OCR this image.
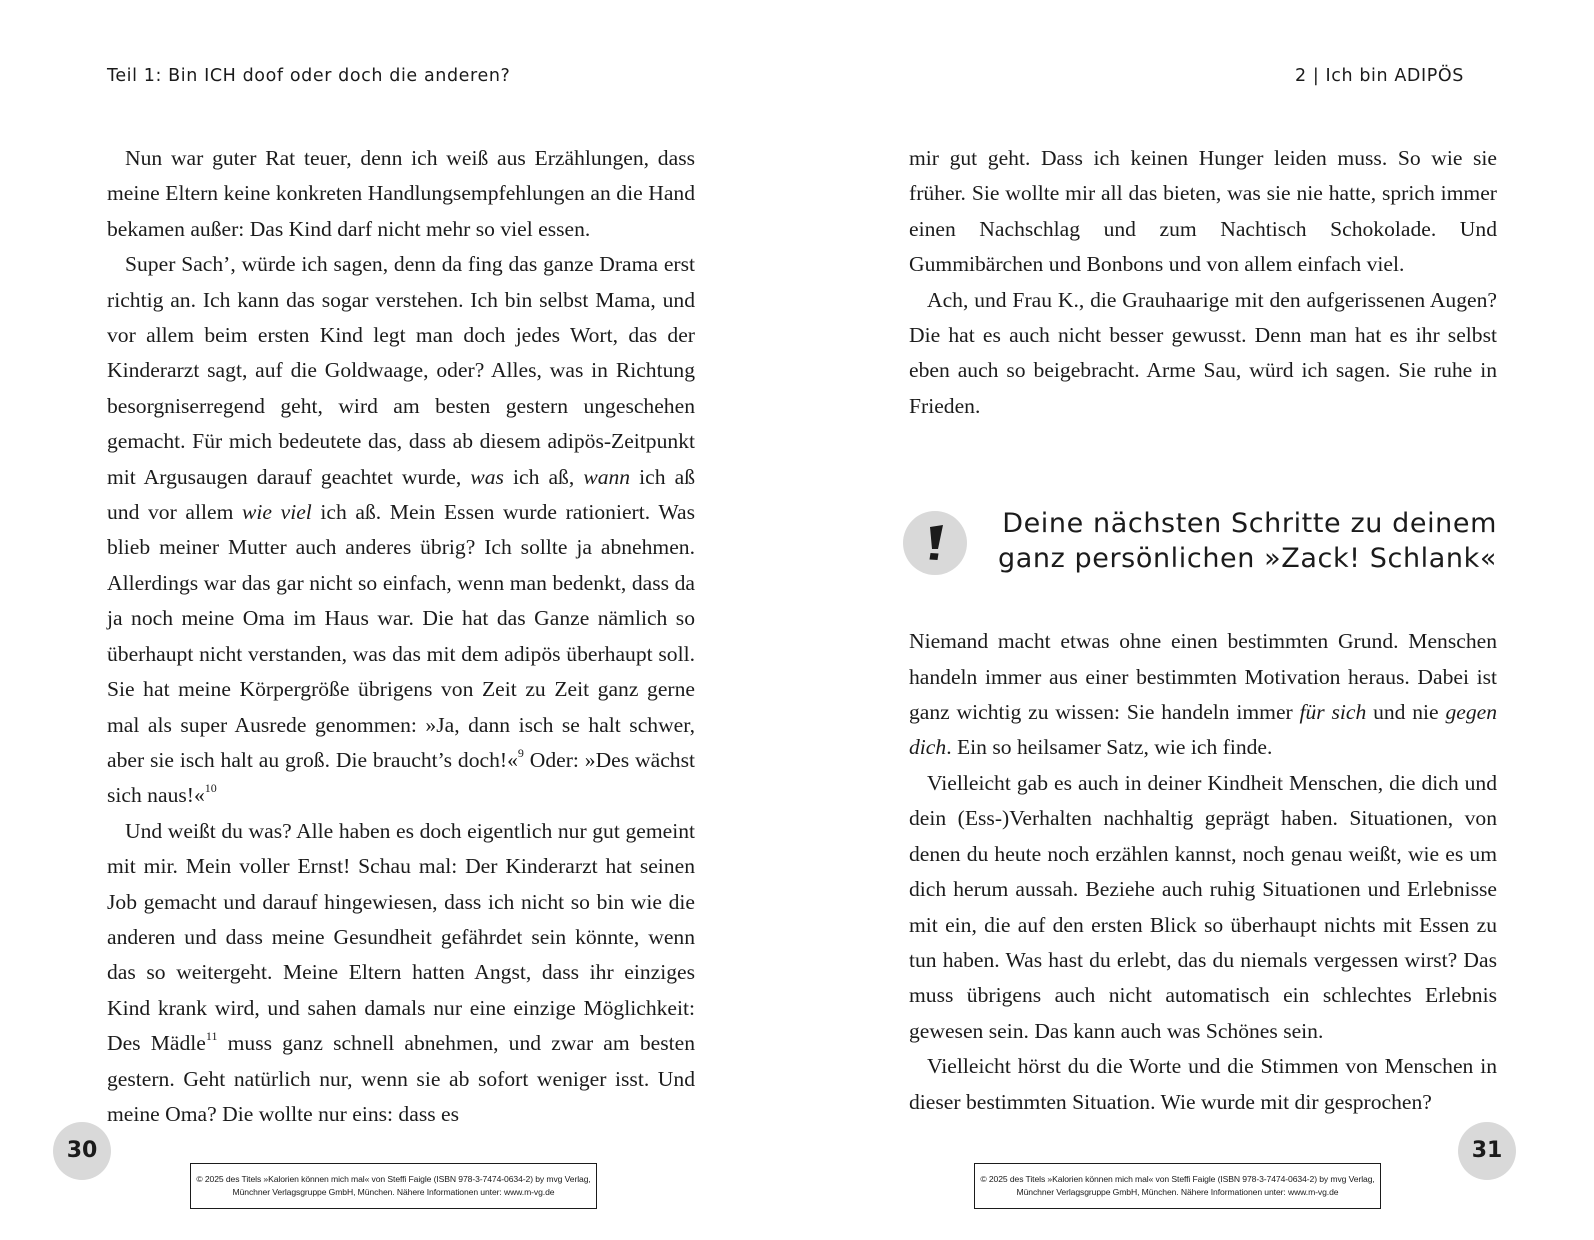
Teil 1: Bin ICH doof oder doch die anderen?

Nun war guter Rat teuer, denn ich weiß aus Erzählungen, dass meine Eltern keine konkreten Handlungsempfehlungen an die Hand bekamen außer: Das Kind darf nicht mehr so viel essen.

Super Sach’, würde ich sagen, denn da fing das ganze Drama erst richtig an. Ich kann das sogar verstehen. Ich bin selbst Mama, und vor allem beim ersten Kind legt man doch jedes Wort, das der Kinderarzt sagt, auf die Goldwaage, oder? Alles, was in Richtung besorgniserregend geht, wird am besten gestern ungeschehen gemacht. Für mich bedeutete das, dass ab diesem adipös-Zeitpunkt mit Argusaugen darauf geachtet wurde, was ich aß, wann ich aß und vor allem wie viel ich aß. Mein Essen wurde rationiert. Was blieb meiner Mutter auch anderes übrig? Ich sollte ja abnehmen. Allerdings war das gar nicht so einfach, wenn man bedenkt, dass da ja noch meine Oma im Haus war. Die hat das Ganze nämlich so überhaupt nicht verstanden, was das mit dem adipös überhaupt soll. Sie hat meine Körpergröße übrigens von Zeit zu Zeit ganz gerne mal als super Ausrede genommen: »Ja, dann isch se halt schwer, aber sie isch halt au groß. Die braucht’s doch!«$^9$ Oder: »Des wächst sich naus!«$^{10}$

Und weißt du was? Alle haben es doch eigentlich nur gut gemeint mit mir. Mein voller Ernst! Schau mal: Der Kinderarzt hat seinen Job gemacht und darauf hingewiesen, dass ich nicht so bin wie die anderen und dass meine Gesundheit gefährdet sein könnte, wenn das so weitergeht. Meine Eltern hatten Angst, dass ihr einziges Kind krank wird, und sahen damals nur eine einzige Möglichkeit: Des Mädle$^{11}$ muss ganz schnell abnehmen, und zwar am besten gestern. Geht natürlich nur, wenn sie ab sofort weniger isst. Und meine Oma? Die wollte nur eins: dass es

30
© 2025 des Titels »Kalorien können mich mal« von Steffi Faigle (ISBN 978-3-7474-0634-2) by mvg Verlag,
Münchner Verlagsgruppe GmbH, München. Nähere Informationen unter: www.m-vg.de
2 | Ich bin ADIPÖS

mir gut geht. Dass ich keinen Hunger leiden muss. So wie sie früher. Sie wollte mir all das bieten, was sie nie hatte, sprich immer einen Nachschlag und zum Nachtisch Schokolade. Und Gummibärchen und Bonbons und von allem einfach viel.

Ach, und Frau K., die Grauhaarige mit den aufgerissenen Augen? Die hat es auch nicht besser gewusst. Denn man hat es ihr selbst eben auch so beigebracht. Arme Sau, würd ich sagen. Sie ruhe in Frieden.

Deine nächsten Schritte zu deinem
ganz persönlichen »Zack! Schlank«

Niemand macht etwas ohne einen bestimmten Grund. Menschen handeln immer aus einer bestimmten Motivation heraus. Dabei ist ganz wichtig zu wissen: Sie handeln immer für sich und nie gegen dich. Ein so heilsamer Satz, wie ich finde.

Vielleicht gab es auch in deiner Kindheit Menschen, die dich und dein (Ess-)Verhalten nachhaltig geprägt haben. Situationen, von denen du heute noch erzählen kannst, noch genau weißt, wie es um dich herum aussah. Beziehe auch ruhig Situationen und Erlebnisse mit ein, die auf den ersten Blick so überhaupt nichts mit Essen zu tun haben. Was hast du erlebt, das du niemals vergessen wirst? Das muss übrigens auch nicht automatisch ein schlechtes Erlebnis gewesen sein. Das kann auch was Schönes sein.

Vielleicht hörst du die Worte und die Stimmen von Menschen in dieser bestimmten Situation. Wie wurde mit dir gesprochen?

31
© 2025 des Titels »Kalorien können mich mal« von Steffi Faigle (ISBN 978-3-7474-0634-2) by mvg Verlag,
Münchner Verlagsgruppe GmbH, München. Nähere Informationen unter: www.m-vg.de
